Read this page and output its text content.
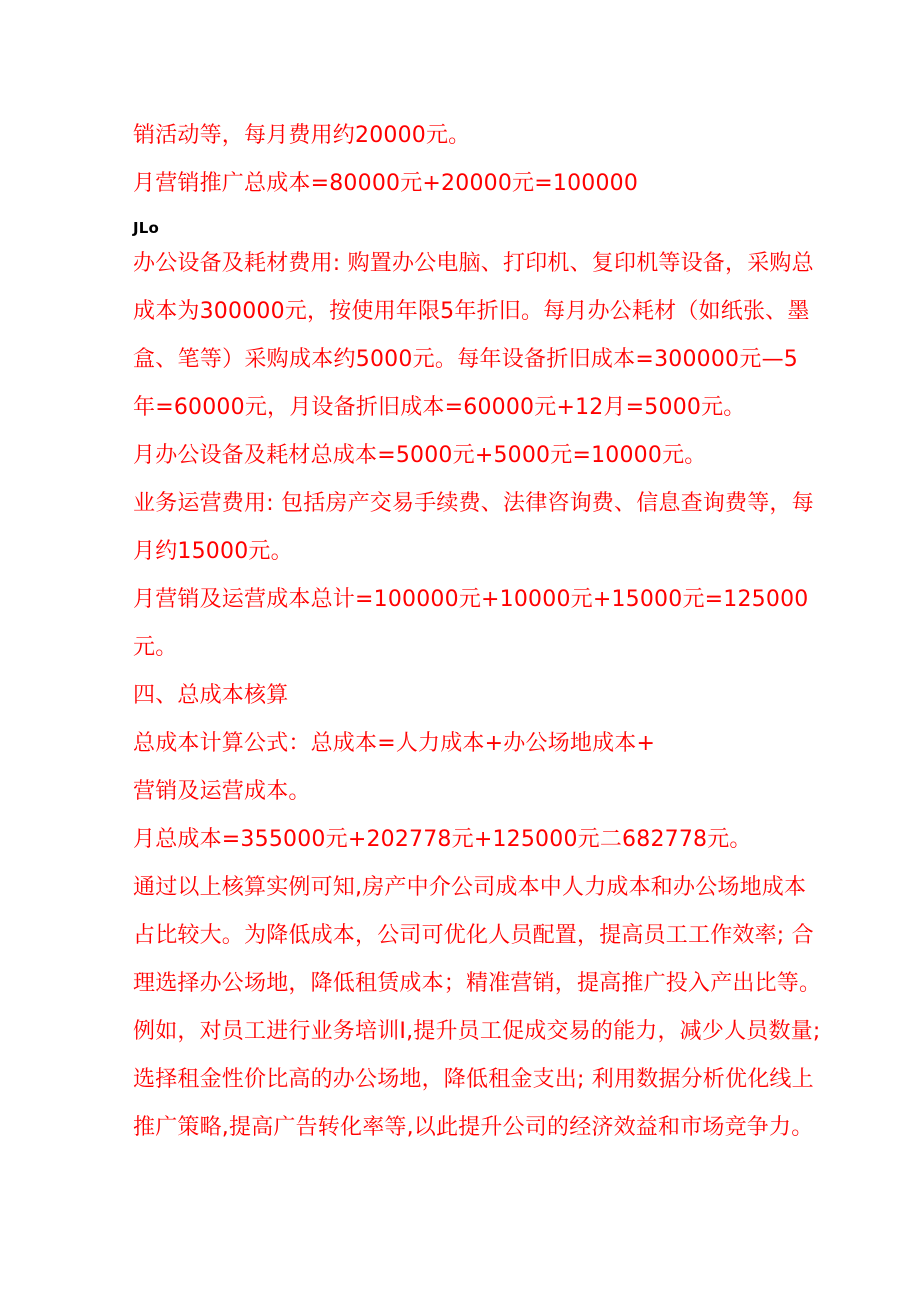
销活动等，每月费用约20000元。
月营销推广总成本=80000元+20000元=100000
JLo
办公设备及耗材费用: 购置办公电脑、打印机、复印机等设备，采购总
成本为300000元，按使用年限5年折旧。每月办公耗材（如纸张、墨
盒、笔等）采购成本约5000元。每年设备折旧成本=300000元—5
年=60000元，月设备折旧成本=60000元+12月=5000元。
月办公设备及耗材总成本=5000元+5000元=10000元。
业务运营费用: 包括房产交易手续费、法律咨询费、信息查询费等，每
月约15000元。
月营销及运营成本总计=100000元+10000元+15000元=125000
元。
四、总成本核算
总成本计算公式：总成本=人力成本+办公场地成本+
营销及运营成本。
月总成本=355000元+202778元+125000元二682778元。
通过以上核算实例可知,房产中介公司成本中人力成本和办公场地成本
占比较大。为降低成本，公司可优化人员配置，提高员工工作效率; 合
理选择办公场地，降低租赁成本；精准营销，提高推广投入产出比等。
例如，对员工进行业务培训I,提升员工促成交易的能力，减少人员数量;
选择租金性价比高的办公场地，降低租金支出; 利用数据分析优化线上
推广策略,提高广告转化率等,以此提升公司的经济效益和市场竞争力。
